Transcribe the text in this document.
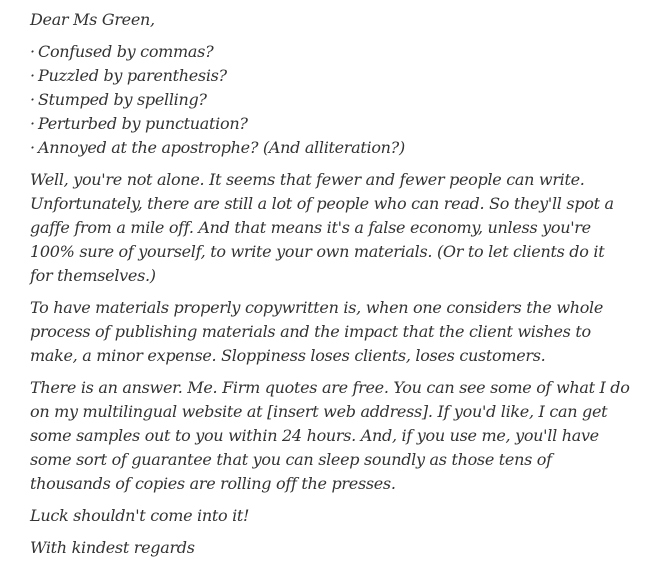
Dear Ms Green,

· Confused by commas?
· Puzzled by parenthesis?
· Stumped by spelling?
· Perturbed by punctuation?
· Annoyed at the apostrophe? (And alliteration?)

Well, you're not alone. It seems that fewer and fewer people can write. Unfortunately, there are still a lot of people who can read. So they'll spot a gaffe from a mile off. And that means it's a false economy, unless you're 100% sure of yourself, to write your own materials. (Or to let clients do it for themselves.)

To have materials properly copywritten is, when one considers the whole process of publishing materials and the impact that the client wishes to make, a minor expense. Sloppiness loses clients, loses customers.

There is an answer. Me. Firm quotes are free. You can see some of what I do on my multilingual website at [insert web address]. If you'd like, I can get some samples out to you within 24 hours. And, if you use me, you'll have some sort of guarantee that you can sleep soundly as those tens of thousands of copies are rolling off the presses.

Luck shouldn't come into it!

With kindest regards
